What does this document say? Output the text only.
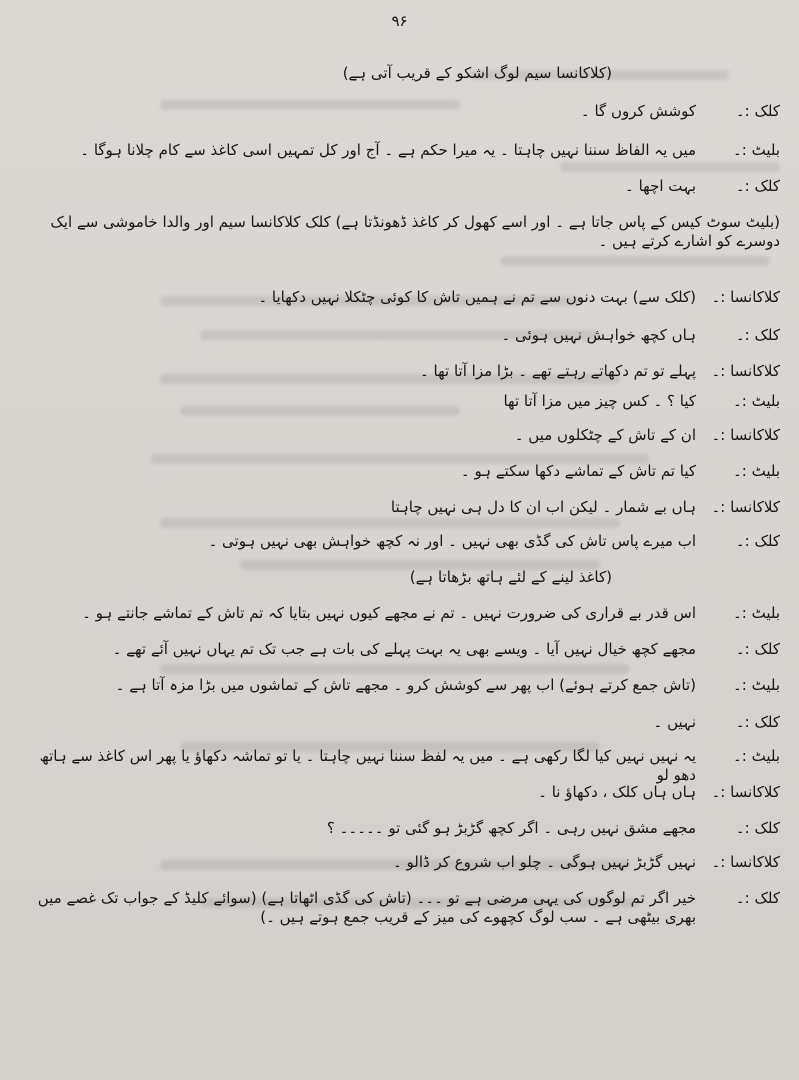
۹۶
(کلاکانسا سیم لوگ اشکو کے قریب آتی ہے)
کلک :۔
کوشش کروں گا ۔
بلیٹ :۔
میں یہ الفاظ سننا نہیں چاہتا ۔ یہ میرا حکم ہے ۔ آج اور کل تمہیں اسی کاغذ سے کام چلانا ہوگا ۔
کلک :۔
بہت اچھا ۔
(بلیٹ سوٹ کیس کے پاس جاتا ہے ۔ اور اسے کھول کر کاغذ ڈھونڈتا ہے) کلک کلاکانسا سیم اور والدا خاموشی سے ایک دوسرے کو اشارے کرتے ہیں ۔
کلاکانسا :۔
(کلک سے) بہت دنوں سے تم نے ہمیں تاش کا کوئی چٹکلا نہیں دکھایا ۔
کلک :۔
ہاں کچھ خواہش نہیں ہوئی ۔
کلاکانسا :۔
پہلے تو تم دکھاتے رہتے تھے ۔ بڑا مزا آتا تھا ۔
بلیٹ :۔
کیا ؟ ۔ کس چیز میں مزا آتا تھا
کلاکانسا :۔
ان کے تاش کے چٹکلوں میں ۔
بلیٹ :۔
کیا تم تاش کے تماشے دکھا سکتے ہو ۔
کلاکانسا :۔
ہاں بے شمار ۔ لیکن اب ان کا دل ہی نہیں چاہتا
کلک :۔
اب میرے پاس تاش کی گڈی بھی نہیں ۔ اور نہ کچھ خواہش بھی نہیں ہوتی ۔
(کاغذ لینے کے لئے ہاتھ بڑھاتا ہے)
بلیٹ :۔
اس قدر بے قراری کی ضرورت نہیں ۔ تم نے مجھے کیوں نہیں بتایا کہ تم تاش کے تماشے جانتے ہو ۔
کلک :۔
مجھے کچھ خیال نہیں آیا ۔ ویسے بھی یہ بہت پہلے کی بات ہے جب تک تم یہاں نہیں آئے تھے ۔
بلیٹ :۔
(تاش جمع کرتے ہوئے) اب پھر سے کوشش کرو ۔ مجھے تاش کے تماشوں میں بڑا مزہ آتا ہے ۔
کلک :۔
نہیں ۔
بلیٹ :۔
یہ نہیں نہیں کیا لگا رکھی ہے ۔ میں یہ لفظ سننا نہیں چاہتا ۔ یا تو تماشہ دکھاؤ یا پھر اس کاغذ سے ہاتھ دھو لو
کلاکانسا :۔
ہاں ہاں کلک ، دکھاؤ نا ۔
کلک :۔
مجھے مشق نہیں رہی ۔ اگر کچھ گڑبڑ ہو گئی تو ۔۔۔۔۔ ؟
کلاکانسا :۔
نہیں گڑبڑ نہیں ہوگی ۔ چلو اب شروع کر ڈالو ۔
کلک :۔
خیر اگر تم لوگوں کی یہی مرضی ہے تو ۔۔۔ (تاش کی گڈی اٹھاتا ہے) (سوائے کلیڈ کے جواب تک غصے میں بھری بیٹھی ہے ۔ سب لوگ کچھوے کی میز کے قریب جمع ہوتے ہیں ۔)
